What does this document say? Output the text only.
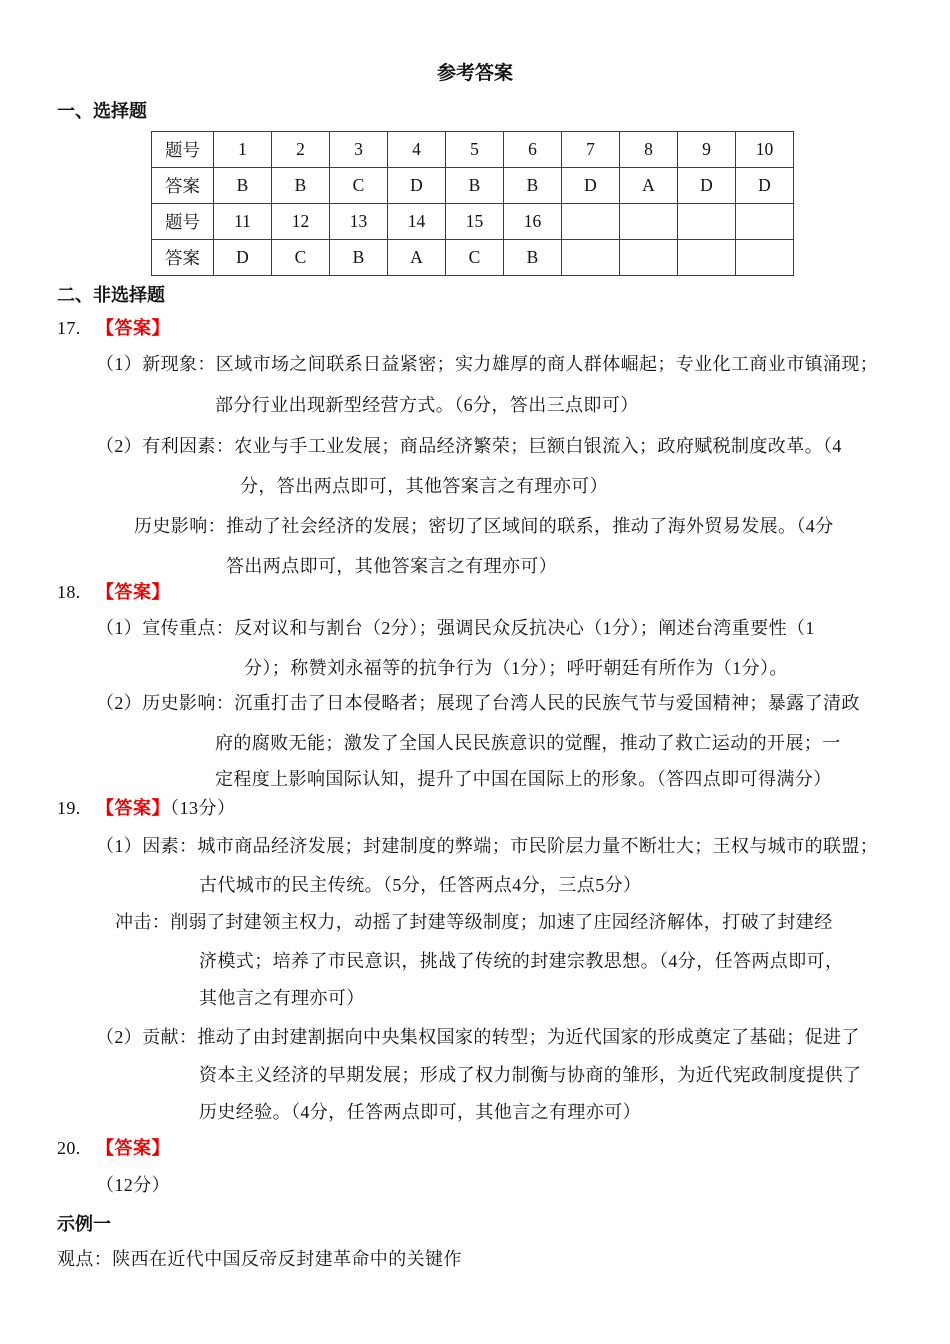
参考答案
一、选择题
题号	1	2	3	4	5	6	7	8	9	10
答案	B	B	C	D	B	B	D	A	D	D
题号	11	12	13	14	15	16				
答案	D	C	B	A	C	B				
二、非选择题
17. 【答案】
（1）新现象：区域市场之间联系日益紧密；实力雄厚的商人群体崛起；专业化工商业市镇涌现；
部分行业出现新型经营方式。（6分，答出三点即可）
（2）有利因素：农业与手工业发展；商品经济繁荣；巨额白银流入；政府赋税制度改革。（4
分，答出两点即可，其他答案言之有理亦可）
历史影响：推动了社会经济的发展；密切了区域间的联系，推动了海外贸易发展。（4分
答出两点即可，其他答案言之有理亦可）
18. 【答案】
（1）宣传重点：反对议和与割台（2分）；强调民众反抗决心（1分）；阐述台湾重要性（1
分）；称赞刘永福等的抗争行为（1分）；呼吁朝廷有所作为（1分）。
（2）历史影响：沉重打击了日本侵略者；展现了台湾人民的民族气节与爱国精神；暴露了清政
府的腐败无能；激发了全国人民民族意识的觉醒，推动了救亡运动的开展；一
定程度上影响国际认知，提升了中国在国际上的形象。（答四点即可得满分）
19. 【答案】（13分）
（1）因素：城市商品经济发展；封建制度的弊端；市民阶层力量不断壮大；王权与城市的联盟；
古代城市的民主传统。（5分，任答两点4分，三点5分）
冲击：削弱了封建领主权力，动摇了封建等级制度；加速了庄园经济解体，打破了封建经
济模式；培养了市民意识，挑战了传统的封建宗教思想。（4分，任答两点即可，
其他言之有理亦可）
（2）贡献：推动了由封建割据向中央集权国家的转型；为近代国家的形成奠定了基础；促进了
资本主义经济的早期发展；形成了权力制衡与协商的雏形，为近代宪政制度提供了
历史经验。（4分，任答两点即可，其他言之有理亦可）
20. 【答案】
（12分）
示例一
观点：陕西在近代中国反帝反封建革命中的关键作
